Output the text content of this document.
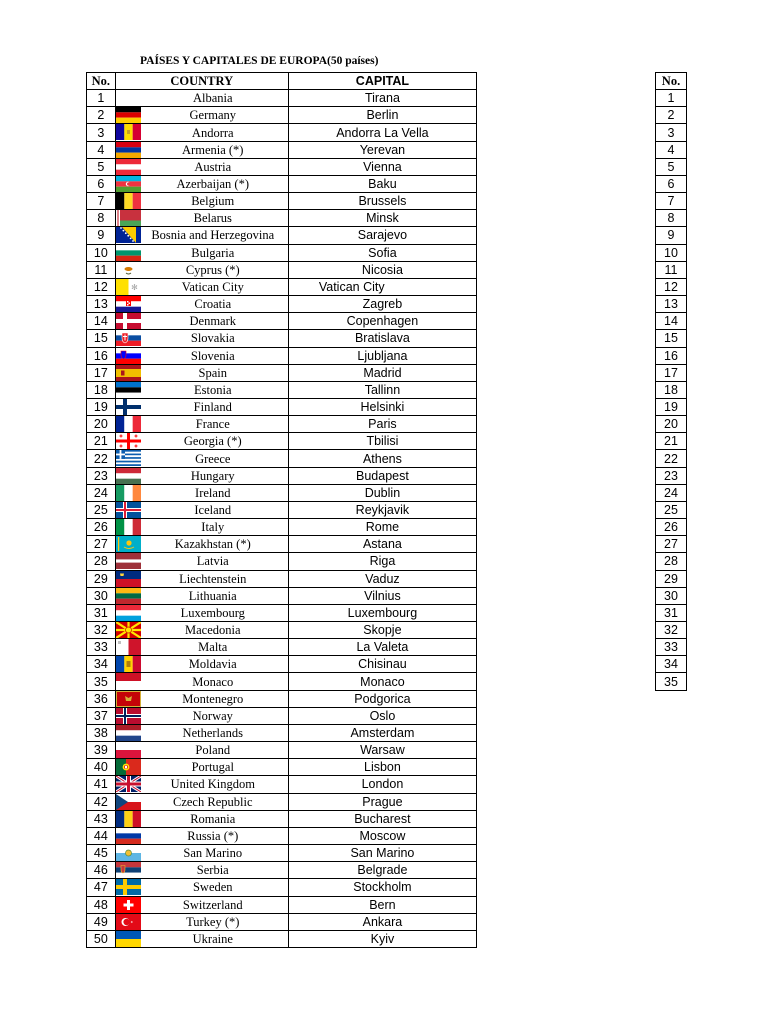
PAÍSES Y CAPITALES DE EUROPA(50 países)
No.	COUNTRY	CAPITAL
1	Albania	Tirana
2	Germany	Berlin
3	Andorra	Andorra La Vella
4	Armenia (*)	Yerevan
5	Austria	Vienna
6	Azerbaijan (*)	Baku
7	Belgium	Brussels
8	Belarus	Minsk
9	Bosnia and Herzegovina	Sarajevo
10	Bulgaria	Sofia
11	Cyprus (*)	Nicosia
12	✻ Vatican City	Vatican City
13	Croatia	Zagreb
14	Denmark	Copenhagen
15	Slovakia	Bratislava
16	Slovenia	Ljubljana
17	Spain	Madrid
18	Estonia	Tallinn
19	Finland	Helsinki
20	France	Paris
21	Georgia (*)	Tbilisi
22	Greece	Athens
23	Hungary	Budapest
24	Ireland	Dublin
25	Iceland	Reykjavik
26	Italy	Rome
27	Kazakhstan (*)	Astana
28	Latvia	Riga
29	Liechtenstein	Vaduz
30	Lithuania	Vilnius
31	Luxembourg	Luxembourg
32	Macedonia	Skopje
33	Malta	La Valeta
34	Moldavia	Chisinau
35	Monaco	Monaco
36	Montenegro	Podgorica
37	Norway	Oslo
38	Netherlands	Amsterdam
39	Poland	Warsaw
40	Portugal	Lisbon
41	United Kingdom	London
42	Czech Republic	Prague
43	Romania	Bucharest
44	Russia (*)	Moscow
45	San Marino	San Marino
46	Serbia	Belgrade
47	Sweden	Stockholm
48	Switzerland	Bern
49	Turkey (*)	Ankara
50	Ukraine	Kyiv
No.
1
2
3
4
5
6
7
8
9
10
11
12
13
14
15
16
17
18
19
20
21
22
23
24
25
26
27
28
29
30
31
32
33
34
35
